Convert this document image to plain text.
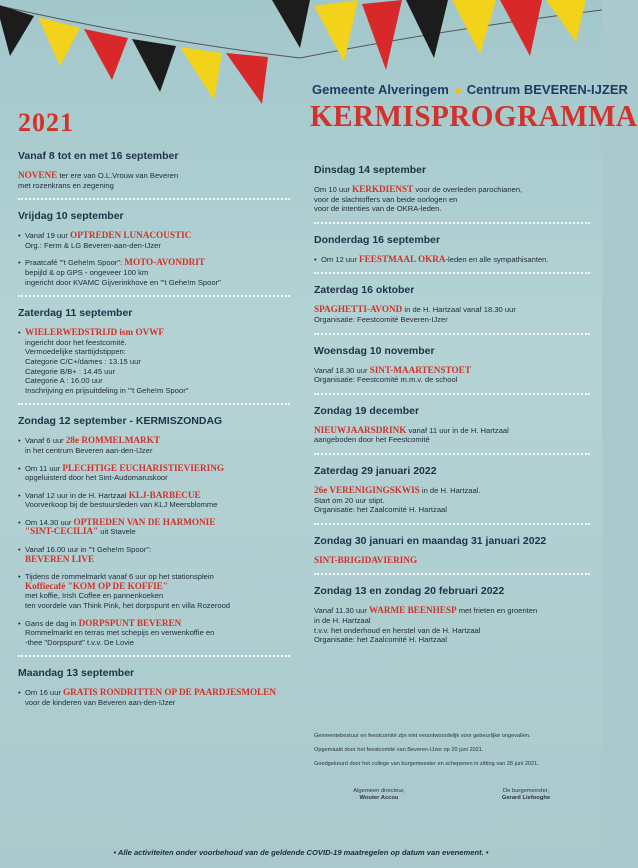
2021
Gemeente Alveringem Centrum BEVEREN-IJZER
KERMISPROGRAMMA
Vanaf 8 tot en met 16 september
NOVENE ter ere van O.L.Vrouw van Beveren
met rozenkrans en zegening
Vrijdag 10 september
• Vanaf 19 uur OPTREDEN LUNACOUSTIC
Org.: Ferm & LG Beveren-aan-den-IJzer
• Praatcafé "'t Gehe!m Spoor": MOTO-AVONDRIT
bepijld & op GPS - ongeveer 100 km
ingericht door KVAMC Gijverinkhove en "'t Gehe!m Spoor"
Zaterdag 11 september
• WIELERWEDSTRIJD ism OVWF
ingericht door het feestcomité.
Vermoedelijke starttijdstippen:
Categorie C/C+/dames : 13.15 uur
Categorie B/B+ : 14.45 uur
Categorie A : 16.00 uur
Inschrijving en prijsuitdeling in "'t Gehe!m Spoor"
Zondag 12 september - KERMISZONDAG
• Vanaf 6 uur 28e ROMMELMARKT
in het centrum Beveren aan-den-IJzer
• Om 11 uur PLECHTIGE EUCHARISTIEVIERING
opgeluisterd door het Sint-Audomaruskoor
• Vanaf 12 uur in de H. Hartzaal KLJ-BARBECUE
Voorverkoop bij de bestuursleden van KLJ Meersblomme
• Om 14.30 uur OPTREDEN VAN DE HARMONIE
"SINT-CECILIA" uit Stavele
• Vanaf 16.00 uur in "'t Gehe!m Spoor":
BEVEREN LIVE
• Tijdens de rommelmarkt vanaf 6 uur op het stationsplein
Koffiecafé "KOM OP DE KOFFIE"
met koffie, Irish Coffee en pannenkoeken
ten voordele van Think Pink, het dorpspunt en villa Rozerood
• Gans de dag in DORPSPUNT BEVEREN
Rommelmarkt en terras met schepijs en verwenkoffie en
-thee "Dorpspunt" t.v.v. De Lovie
Maandag 13 september
• Om 16 uur GRATIS RONDRITTEN OP DE PAARDJESMOLEN
voor de kinderen van Beveren aan-den-IJzer
Dinsdag 14 september
Om 10 uur KERKDIENST voor de overleden parochianen,
voor de slachtoffers van beide oorlogen en
voor de intenties van de OKRA-leden.
Donderdag 16 september
• Om 12 uur FEESTMAAL OKRA-leden en alle sympathisanten.
Zaterdag 16 oktober
SPAGHETTI-AVOND in de H. Hartzaal vanaf 18.30 uur
Organisatie: Feestcomité Beveren-IJzer
Woensdag 10 november
Vanaf 18.30 uur SINT-MAARTENSTOET
Organisatie: Feestcomité m.m.v. de school
Zondag 19 december
NIEUWJAARSDRINK vanaf 11 uur in de H. Hartzaal
aangeboden door het Feestcomité
Zaterdag 29 januari 2022
26e VERENIGINGSKWIS in de H. Hartzaal.
Start om 20 uur stipt.
Organisatie: het Zaalcomité H. Hartzaal
Zondag 30 januari en maandag 31 januari 2022
SINT-BRIGIDAVIERING
Zondag 13 en zondag 20 februari 2022
Vanaf 11.30 uur WARME BEENHESP met frieten en groenten
in de H. Hartzaal
t.v.v. het onderhoud en herstel van de H. Hartzaal
Organisatie: het Zaalcomité H. Hartzaal

Gemeentebestuur en feestcomité zijn niet verantwoordelijk voor gebeurlijke ongevallen.

Opgemaakt door het feestcomité van Beveren-IJzer op 20 juni 2021.

Goedgekeurd door het college van burgemeester en schepenen in zitting van 28 juni 2021.

Algemeen directeur,
Wouter Accou
De burgemeester,
Gerard Liefooghe
• Alle activiteiten onder voorbehoud van de geldende COVID-19 maatregelen op datum van evenement. •
